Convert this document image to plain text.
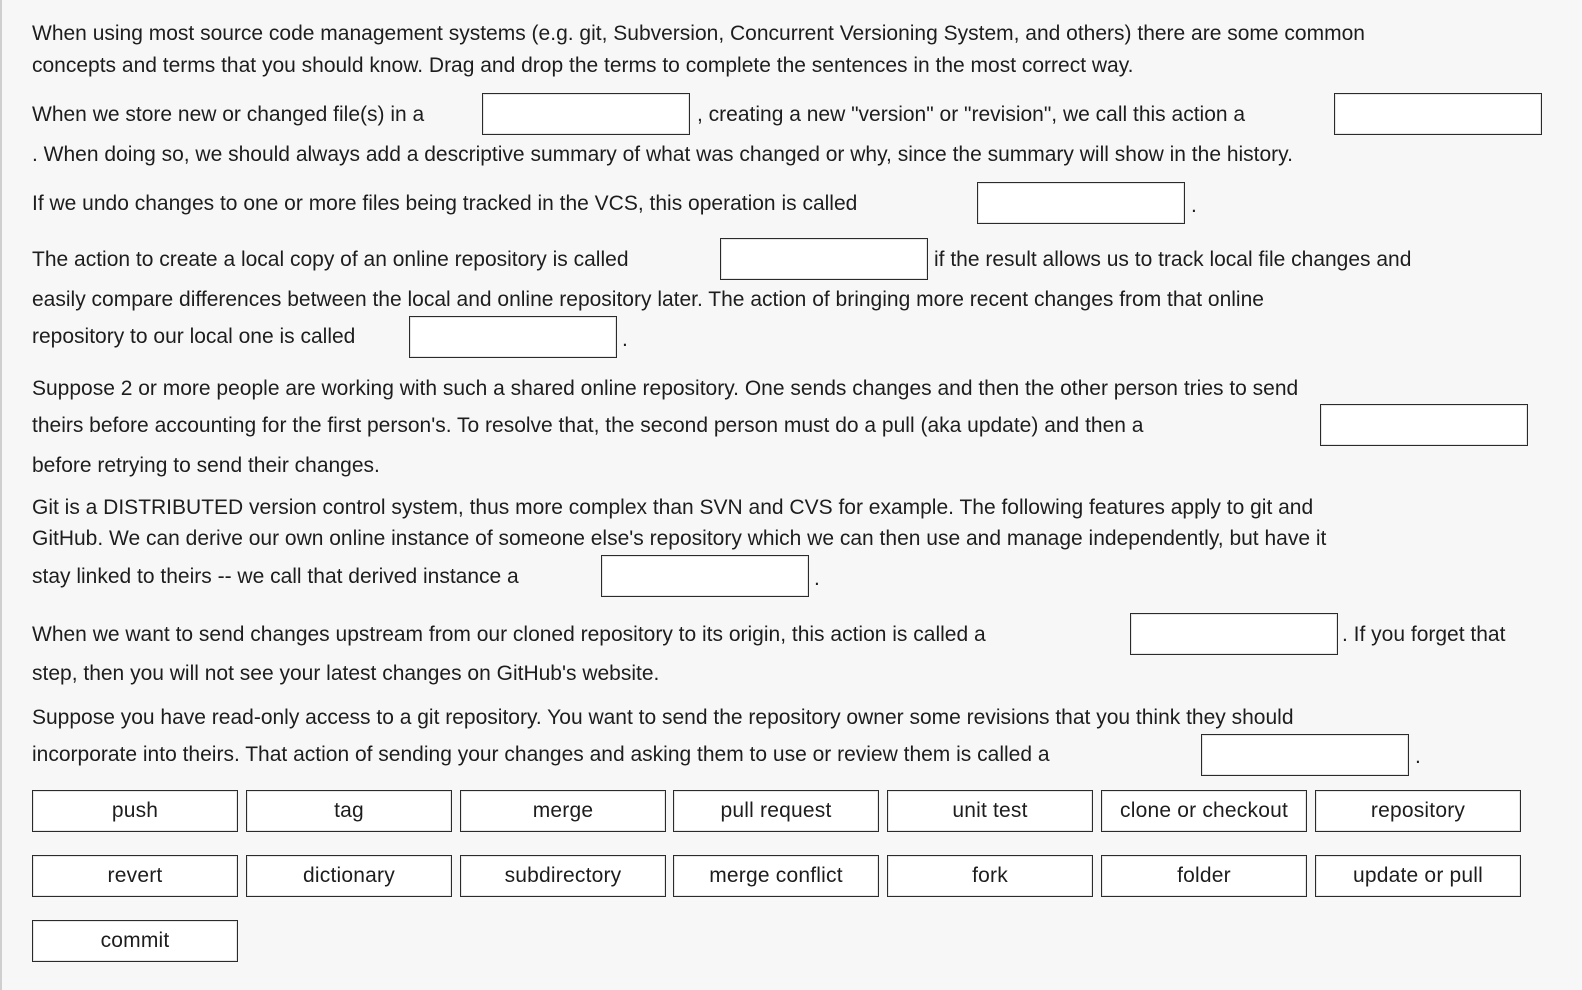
When using most source code management systems (e.g. git, Subversion, Concurrent Versioning System, and others) there are some common
concepts and terms that you should know. Drag and drop the terms to complete the sentences in the most correct way.
When we store new or changed file(s) in a	, creating a new "version" or "revision", we call this action a
. When doing so, we should always add a descriptive summary of what was changed or why, since the summary will show in the history.
If we undo changes to one or more files being tracked in the VCS, this operation is called	.
The action to create a local copy of an online repository is called	if the result allows us to track local file changes and
easily compare differences between the local and online repository later. The action of bringing more recent changes from that online
repository to our local one is called	.
Suppose 2 or more people are working with such a shared online repository. One sends changes and then the other person tries to send
theirs before accounting for the first person's. To resolve that, the second person must do a pull (aka update) and then a
before retrying to send their changes.
Git is a DISTRIBUTED version control system, thus more complex than SVN and CVS for example. The following features apply to git and
GitHub. We can derive our own online instance of someone else's repository which we can then use and manage independently, but have it
stay linked to theirs -- we call that derived instance a	.
When we want to send changes upstream from our cloned repository to its origin, this action is called a	. If you forget that
step, then you will not see your latest changes on GitHub's website.
Suppose you have read-only access to a git repository. You want to send the repository owner some revisions that you think they should
incorporate into theirs. That action of sending your changes and asking them to use or review them is called a	.
push	tag	merge	pull request	unit test	clone or checkout	repository
revert	dictionary	subdirectory	merge conflict	fork	folder	update or pull
commit
